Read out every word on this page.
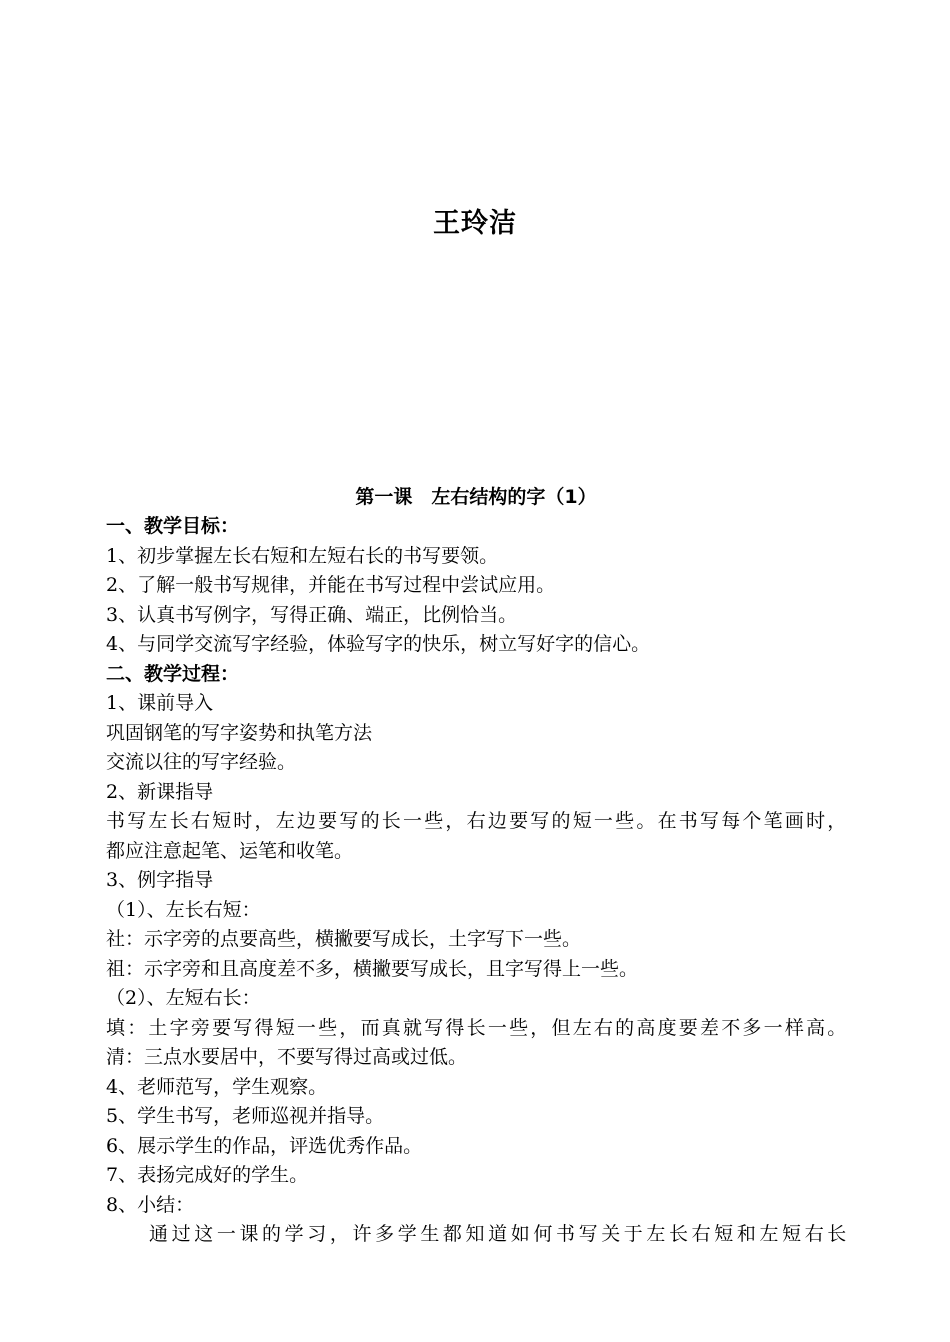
王玲洁
第一课　左右结构的字（1）
一、教学目标：
1、初步掌握左长右短和左短右长的书写要领。
2、了解一般书写规律，并能在书写过程中尝试应用。
3、认真书写例字，写得正确、端正，比例恰当。
4、与同学交流写字经验，体验写字的快乐，树立写好字的信心。
二、教学过程：
1、课前导入
巩固钢笔的写字姿势和执笔方法
交流以往的写字经验。
2、新课指导
书写左长右短时，左边要写的长一些，右边要写的短一些。在书写每个笔画时，
都应注意起笔、运笔和收笔。
3、例字指导
（1）、左长右短：
社：示字旁的点要高些，横撇要写成长，土字写下一些。
祖：示字旁和且高度差不多，横撇要写成长，且字写得上一些。
（2）、左短右长：
填：土字旁要写得短一些，而真就写得长一些，但左右的高度要差不多一样高。
清：三点水要居中，不要写得过高或过低。
4、老师范写，学生观察。
5、学生书写，老师巡视并指导。
6、展示学生的作品，评选优秀作品。
7、表扬完成好的学生。
8、小结：
通过这一课的学习，许多学生都知道如何书写关于左长右短和左短右长
